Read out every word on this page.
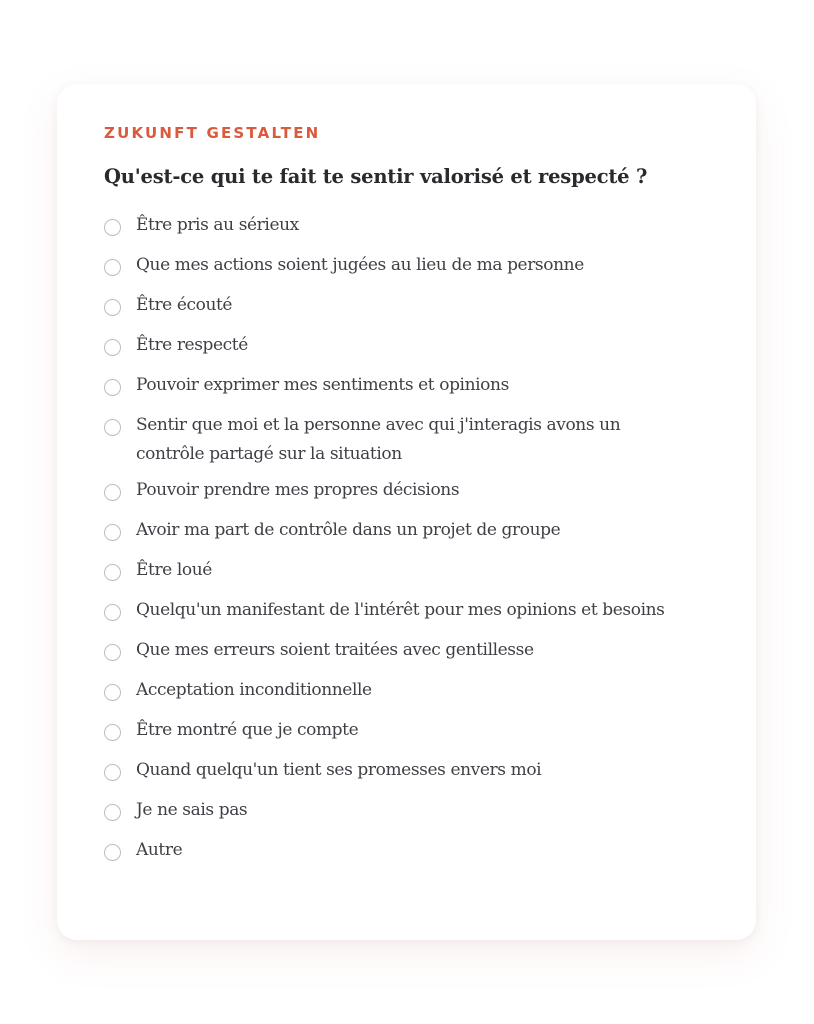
ZUKUNFT GESTALTEN

Qu'est-ce qui te fait te sentir valorisé et respecté ?
Être pris au sérieux
Que mes actions soient jugées au lieu de ma personne
Être écouté
Être respecté
Pouvoir exprimer mes sentiments et opinions
Sentir que moi et la personne avec qui j'interagis avons un contrôle partagé sur la situation
Pouvoir prendre mes propres décisions
Avoir ma part de contrôle dans un projet de groupe
Être loué
Quelqu'un manifestant de l'intérêt pour mes opinions et besoins
Que mes erreurs soient traitées avec gentillesse
Acceptation inconditionnelle
Être montré que je compte
Quand quelqu'un tient ses promesses envers moi
Je ne sais pas
Autre
